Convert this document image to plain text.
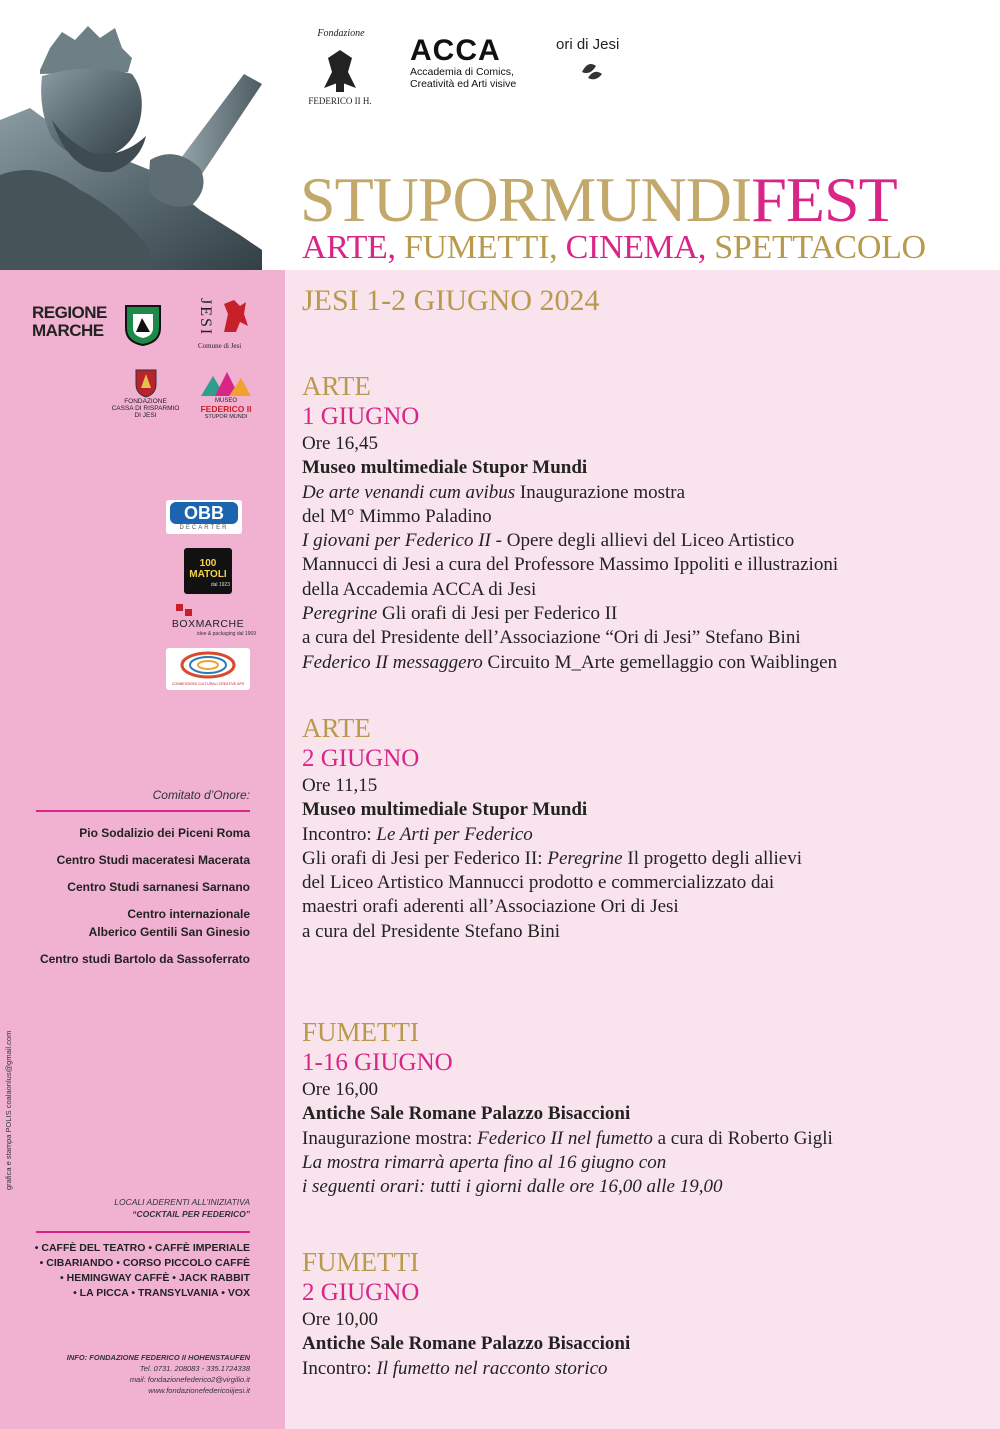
Fondazione
FEDERICO II H.
ACCA
Accademia di Comics,
Creatività ed Arti visive
ori di Jesi
STUPORMUNDIFEST
ARTE, FUMETTI, CINEMA, SPETTACOLO
JESI 1-2 GIUGNO 2024
ARTE
1 GIUGNO
Ore 16,45
Museo multimediale Stupor Mundi
De arte venandi cum avibus Inaugurazione mostra
del M° Mimmo Paladino
I giovani per Federico II - Opere degli allievi del Liceo Artistico
Mannucci di Jesi a cura del Professore Massimo Ippoliti e illustrazioni
della Accademia ACCA di Jesi
Peregrine Gli orafi di Jesi per Federico II
a cura del Presidente dell’Associazione “Ori di Jesi” Stefano Bini
Federico II messaggero Circuito M_Arte gemellaggio con Waiblingen
ARTE
2 GIUGNO
Ore 11,15
Museo multimediale Stupor Mundi
Incontro: Le Arti per Federico
Gli orafi di Jesi per Federico II: Peregrine Il progetto degli allievi
del Liceo Artistico Mannucci prodotto e commercializzato dai
maestri orafi aderenti all’Associazione Ori di Jesi
a cura del Presidente Stefano Bini
FUMETTI
1-16 GIUGNO
Ore 16,00
Antiche Sale Romane Palazzo Bisaccioni
Inaugurazione mostra: Federico II nel fumetto a cura di Roberto Gigli
La mostra rimarrà aperta fino al 16 giugno con
i seguenti orari: tutti i giorni dalle ore 16,00 alle 19,00
FUMETTI
2 GIUGNO
Ore 10,00
Antiche Sale Romane Palazzo Bisaccioni
Incontro: Il fumetto nel racconto storico
REGIONE
MARCHE	JESI
Comune di Jesi
FONDAZIONE
CASSA DI RISPARMIO
DI JESI
MUSEO
FEDERICO II
STUPOR MUNDI
OBB
DECARTER
100 MATOLI
dal 1923
BOXMARCHE
idee & packaging dal 1969
CONNESSIONI CULTURALI CREATIVE APS
Comitato d’Onore:
Pio Sodalizio dei Piceni Roma
Centro Studi maceratesi Macerata
Centro Studi sarnanesi Sarnano
Centro internazionale
Alberico Gentili San Ginesio
Centro studi Bartolo da Sassoferrato
grafica e stampa POLIS coalaonlus@gmail.com
LOCALI ADERENTI ALL’INIZIATIVA
“COCKTAIL PER FEDERICO”
• CAFFÈ DEL TEATRO • CAFFÈ IMPERIALE
• CIBARIANDO • CORSO PICCOLO CAFFÈ
• HEMINGWAY CAFFÈ • JACK RABBIT
• LA PICCA • TRANSYLVANIA • VOX
INFO: FONDAZIONE FEDERICO II HOHENSTAUFEN
Tel. 0731. 208083 - 335.1724338
mail: fondazionefederico2@virgilio.it
www.fondazionefedericoiijesi.it
